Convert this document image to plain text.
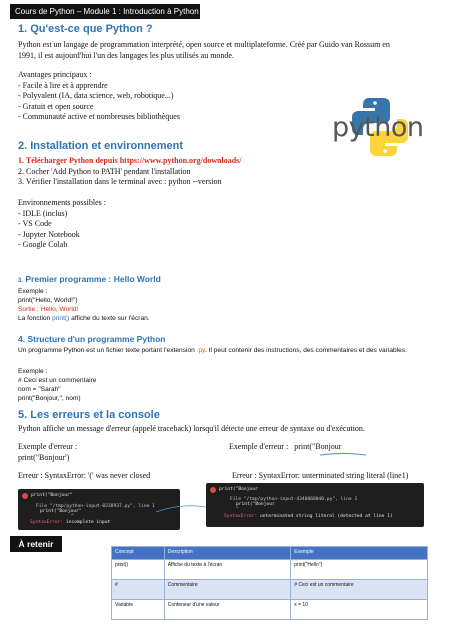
Cours de Python – Module 1 : Introduction à Python
1. Qu'est-ce que Python ?
Python est un langage de programmation interprété, open source et multiplateforme. Créé par Guido van Rossum en
1991, il est aujourd'hui l'un des langages les plus utilisés au monde.
Avantages principaux :
- Facile à lire et à apprendre
- Polyvalent (IA, data science, web, robotique...)
- Gratuit et open source
- Communauté active et nombreuses bibliothèques	python
2. Installation et environnement
1. Télécharger Python depuis https://www.python.org/downloads/
2. Cocher 'Add Python to PATH' pendant l'installation
3. Vérifier l'installation dans le terminal avec : python --version
Environnements possibles :
- IDLE (inclus)
- VS Code
- Jupyter Notebook
- Google Colab
3. Premier programme : Hello World
Exemple :
print("Hello, World!")
Sortie : Hello, World!
La fonction print() affiche du texte sur l'écran.
4. Structure d'un programme Python
Un programme Python est un fichier texte portant l'extension .py. Il peut contenir des instructions, des commentaires et des variables.
Exemple :
# Ceci est un commentaire
nom = "Sarah"
print("Bonjour,", nom)
5. Les erreurs et la console
Python affiche un message d'erreur (appelé traceback) lorsqu'il détecte une erreur de syntaxe ou d'exécution.
Exemple d'erreur :
print("Bonjour')
Exemple d'erreur : print("Bonjour
Erreur : SyntaxError: '(' was never closed	Erreur : SyntaxError: unterminated string literal (line1)
print("Bonjour"
File "/tmp/python-input-0238937.py", line 1
print("Bonjour"
^
SyntaxError: incomplete input
print("Bonjour
File "/tmp/python-input-4340068040.py", line 1
print("Bonjour
^
SyntaxError: unterminated string literal (detected at line 1)
À retenir
Concept	Description	Exemple
print()	Affiche du texte à l'écran	print("Hello")
#	Commentaire	# Ceci est un commentaire
Variable	Conteneur d'une valeur	x = 10
